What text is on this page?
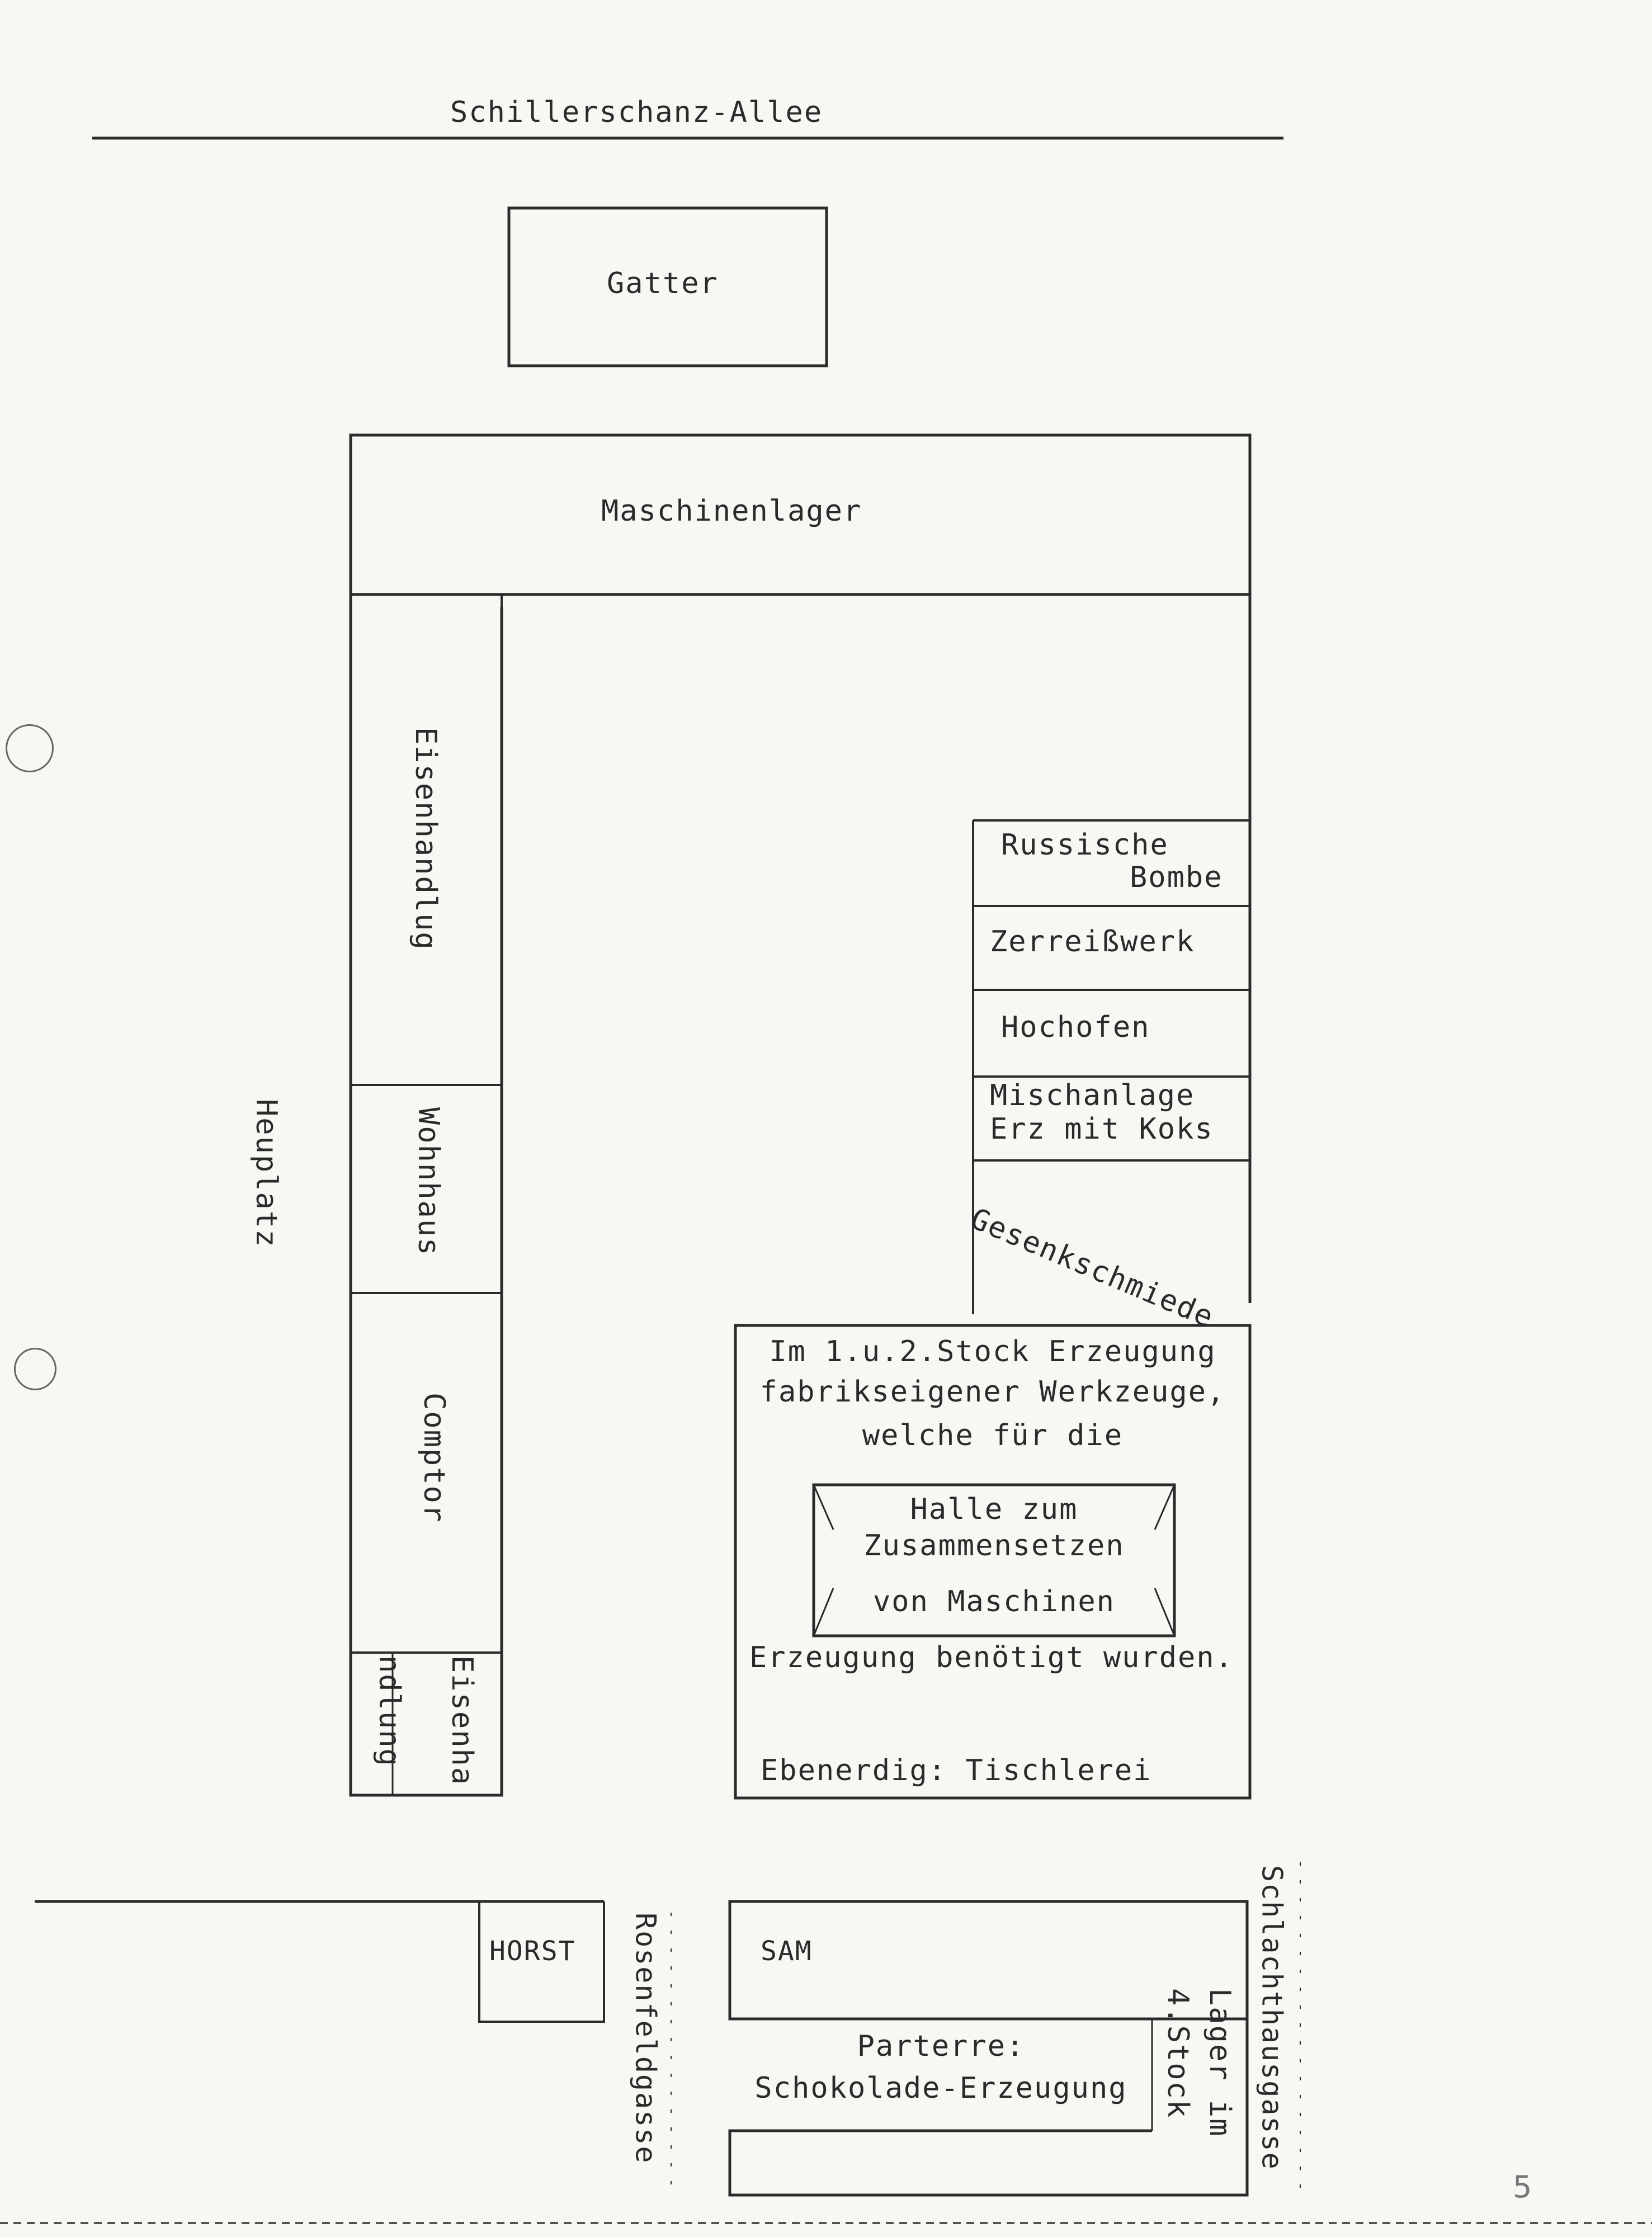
Schillerschanz-Allee
Heuplatz
Rosenfeldgasse	Schlachthausgasse
Gatter
Maschinenlager
Eisenhandlug
Wohnhaus
Comptor
Eisenha
ndlung
Russische
Bombe
Zerreißwerk
Hochofen
Mischanlage
Erz mit Koks
Gesenkschmiede
Im 1.u.2.Stock Erzeugung
fabrikseigener Werkzeuge,
welche für die
Halle zum
Zusammensetzen
von Maschinen
Erzeugung benötigt wurden.
Ebenerdig: Tischlerei
HORST	SAM
Parterre:
Schokolade-Erzeugung	Lager im
4.Stock
5
